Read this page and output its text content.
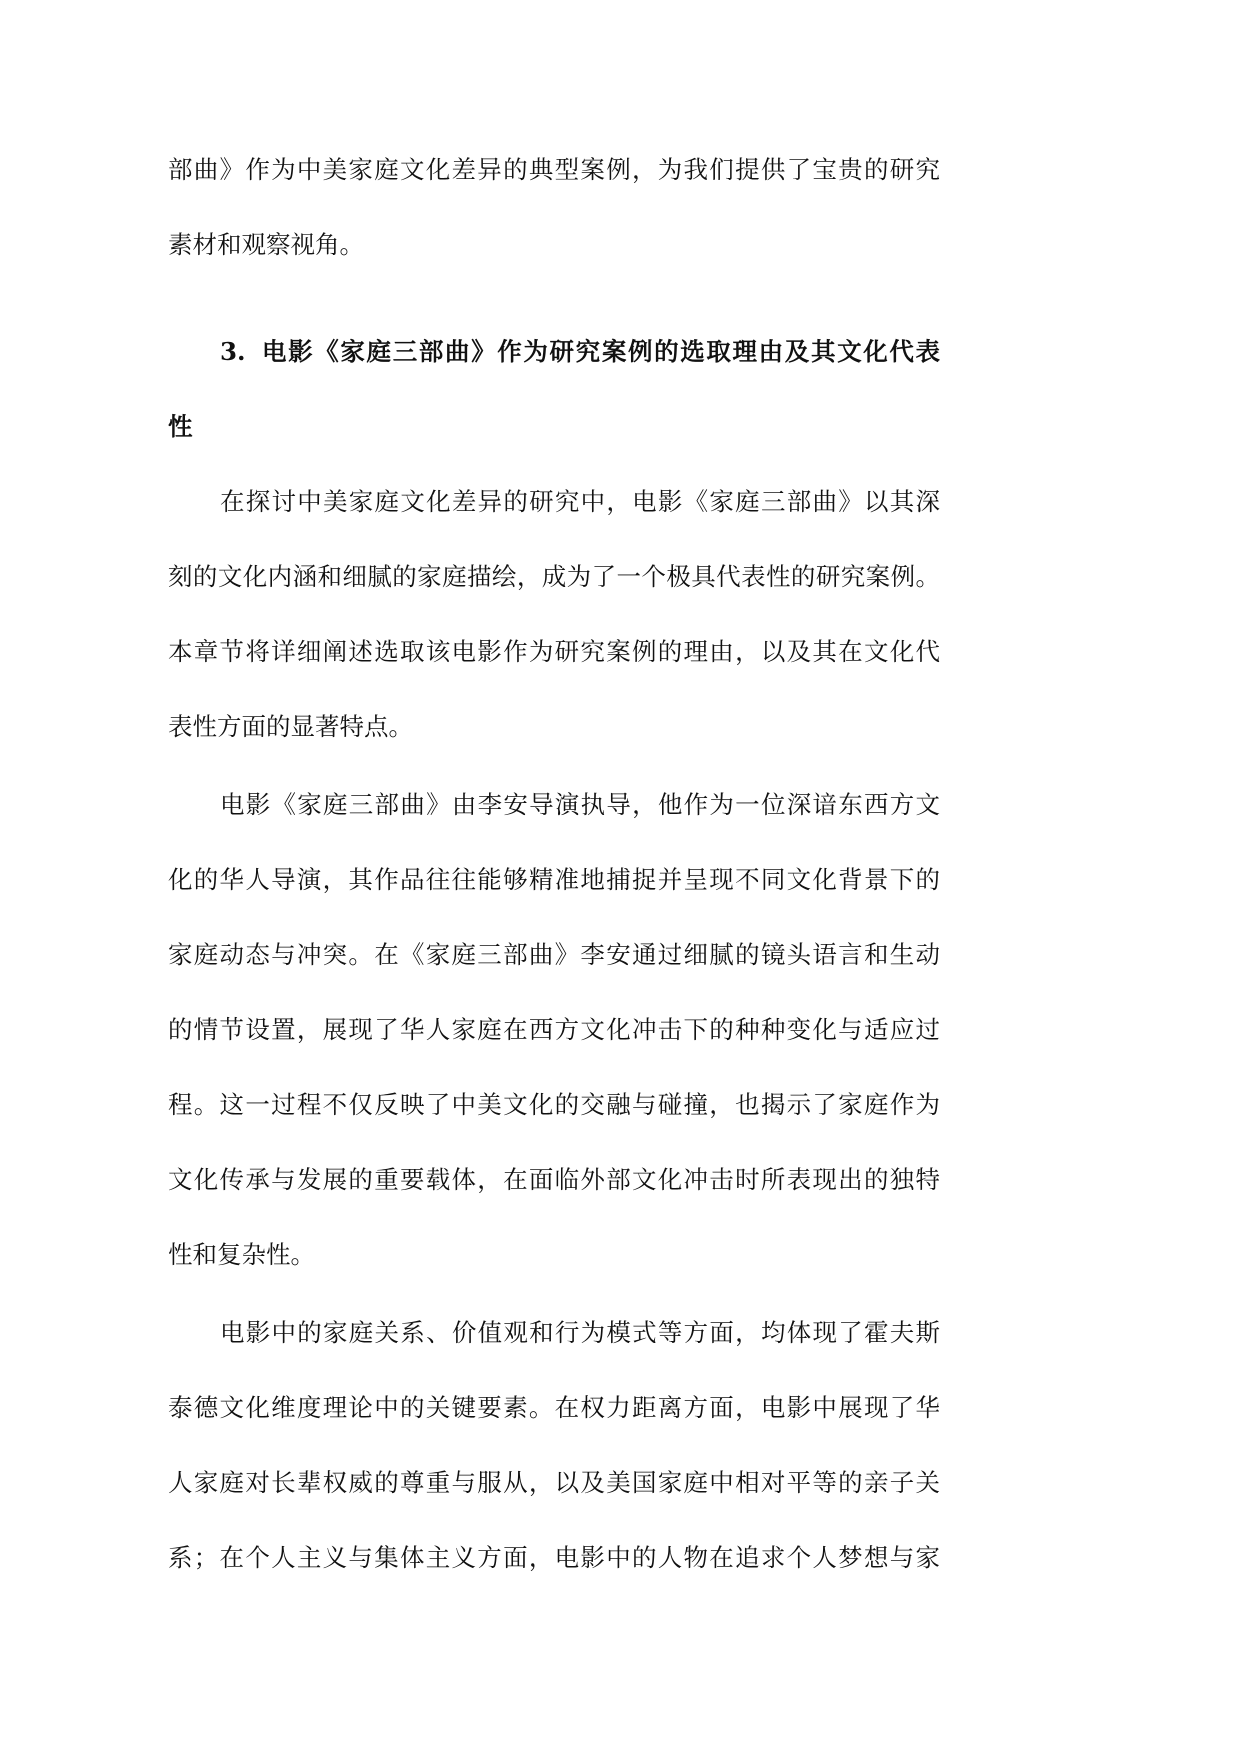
部曲》作为中美家庭文化差异的典型案例，为我们提供了宝贵的研究
素材和观察视角。
3. 电影《家庭三部曲》作为研究案例的选取理由及其文化代表
性
在探讨中美家庭文化差异的研究中，电影《家庭三部曲》以其深
刻的文化内涵和细腻的家庭描绘，成为了一个极具代表性的研究案例。
本章节将详细阐述选取该电影作为研究案例的理由，以及其在文化代
表性方面的显著特点。
电影《家庭三部曲》由李安导演执导，他作为一位深谙东西方文
化的华人导演，其作品往往能够精准地捕捉并呈现不同文化背景下的
家庭动态与冲突。在《家庭三部曲》李安通过细腻的镜头语言和生动
的情节设置，展现了华人家庭在西方文化冲击下的种种变化与适应过
程。这一过程不仅反映了中美文化的交融与碰撞，也揭示了家庭作为
文化传承与发展的重要载体，在面临外部文化冲击时所表现出的独特
性和复杂性。
电影中的家庭关系、价值观和行为模式等方面，均体现了霍夫斯
泰德文化维度理论中的关键要素。在权力距离方面，电影中展现了华
人家庭对长辈权威的尊重与服从，以及美国家庭中相对平等的亲子关
系；在个人主义与集体主义方面，电影中的人物在追求个人梦想与家
